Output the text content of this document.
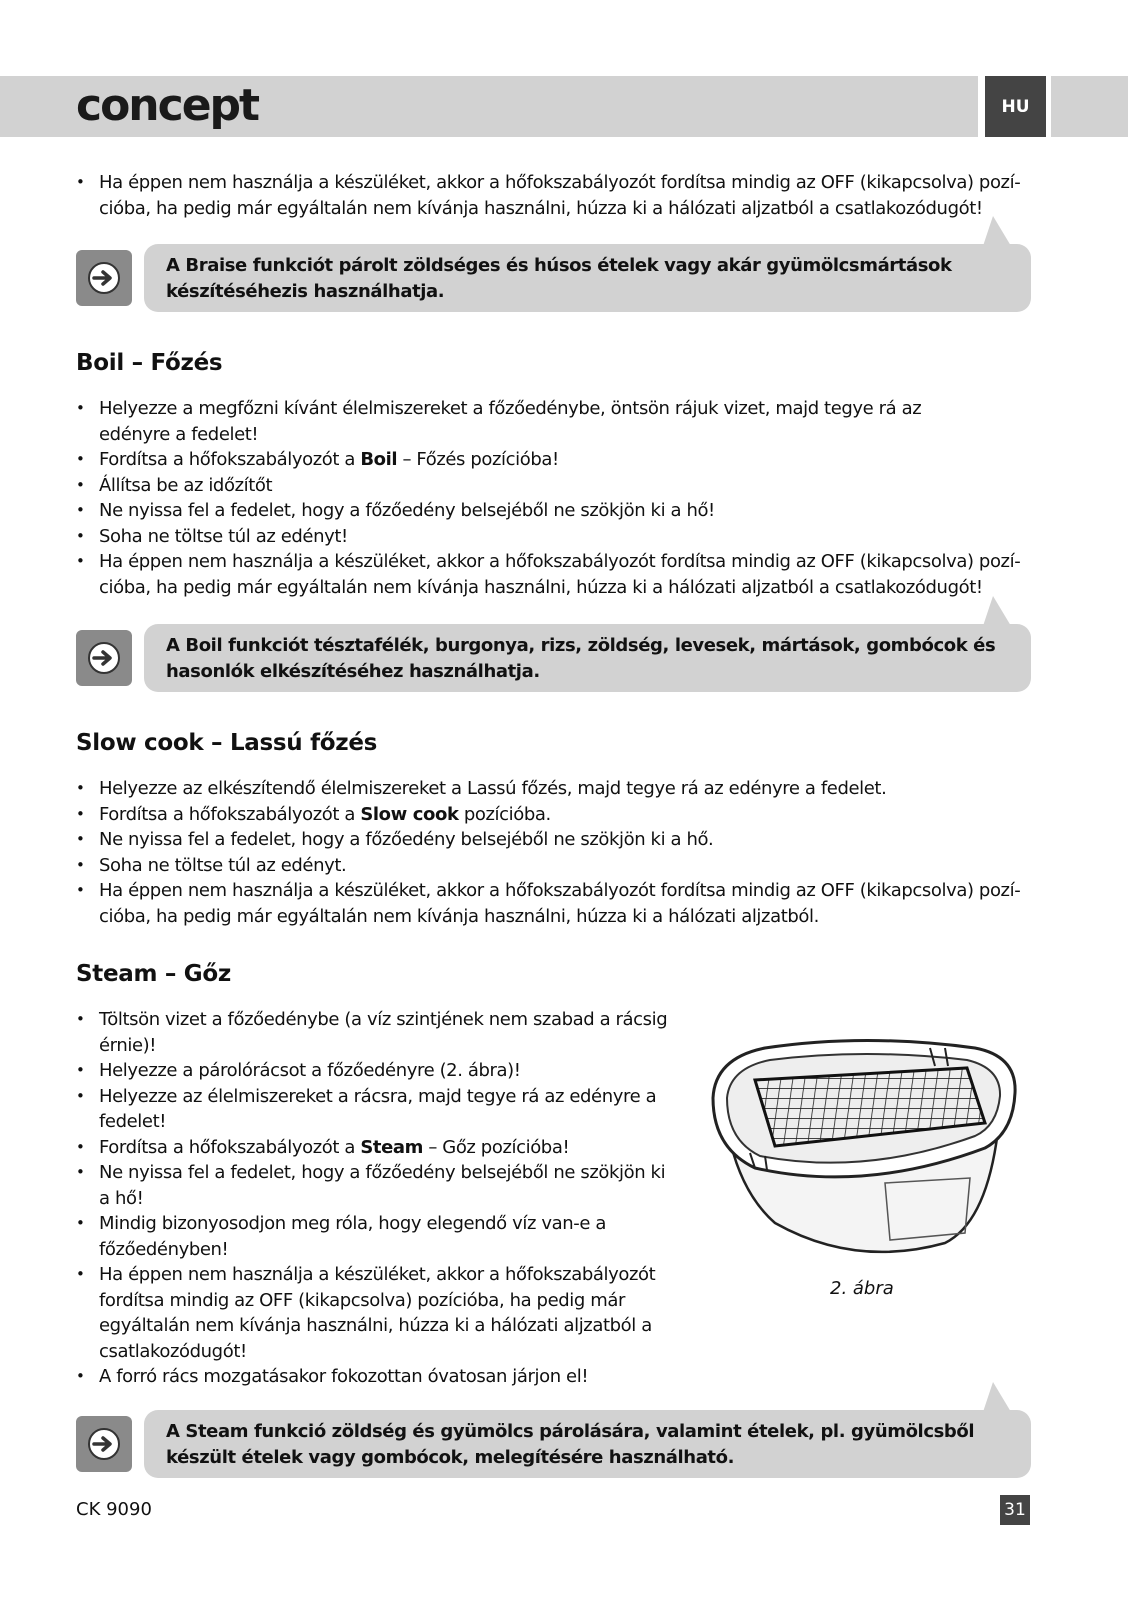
concept	HU
• Ha éppen nem használja a készüléket, akkor a hőfokszabályozót fordítsa mindig az OFF (kikapcsolva) pozí-cióba, ha pedig már egyáltalán nem kívánja használni, húzza ki a hálózati aljzatból a csatlakozódugót!
A Braise funkciót párolt zöldséges és húsos ételek vagy akár gyümölcsmártások készítéséhezis használhatja.
Boil – Főzés
• Helyezze a megfőzni kívánt élelmiszereket a főzőedénybe, öntsön rájuk vizet, majd tegye rá az edényre a fedelet!
• Fordítsa a hőfokszabályozót a Boil – Főzés pozícióba!
• Állítsa be az időzítőt
• Ne nyissa fel a fedelet, hogy a főzőedény belsejéből ne szökjön ki a hő!
• Soha ne töltse túl az edényt!
• Ha éppen nem használja a készüléket, akkor a hőfokszabályozót fordítsa mindig az OFF (kikapcsolva) pozí-cióba, ha pedig már egyáltalán nem kívánja használni, húzza ki a hálózati aljzatból a csatlakozódugót!
A Boil funkciót tésztafélék, burgonya, rizs, zöldség, levesek, mártások, gombócok és hasonlók elkészítéséhez használhatja.
Slow cook – Lassú főzés
• Helyezze az elkészítendő élelmiszereket a Lassú főzés, majd tegye rá az edényre a fedelet.
• Fordítsa a hőfokszabályozót a Slow cook pozícióba.
• Ne nyissa fel a fedelet, hogy a főzőedény belsejéből ne szökjön ki a hő.
• Soha ne töltse túl az edényt.
• Ha éppen nem használja a készüléket, akkor a hőfokszabályozót fordítsa mindig az OFF (kikapcsolva) pozí-cióba, ha pedig már egyáltalán nem kívánja használni, húzza ki a hálózati aljzatból.
Steam – Gőz
• Töltsön vizet a főzőedénybe (a víz szintjének nem szabad a rácsig érnie)!
• Helyezze a párolórácsot a főzőedényre (2. ábra)!
• Helyezze az élelmiszereket a rácsra, majd tegye rá az edényre a fedelet!
• Fordítsa a hőfokszabályozót a Steam – Gőz pozícióba!
• Ne nyissa fel a fedelet, hogy a főzőedény belsejéből ne szökjön ki a hő!
• Mindig bizonyosodjon meg róla, hogy elegendő víz van-e a főzőedényben!
• Ha éppen nem használja a készüléket, akkor a hőfokszabályozót fordítsa mindig az OFF (kikapcsolva) pozícióba, ha pedig már egyáltalán nem kívánja használni, húzza ki a hálózati aljzatból a csatlakozódugót!
• A forró rács mozgatásakor fokozottan óvatosan járjon el!
A Steam funkció zöldség és gyümölcs párolására, valamint ételek, pl. gyümölcsből készült ételek vagy gombócok, melegítésére használható.
2. ábra
CK 9090	31
